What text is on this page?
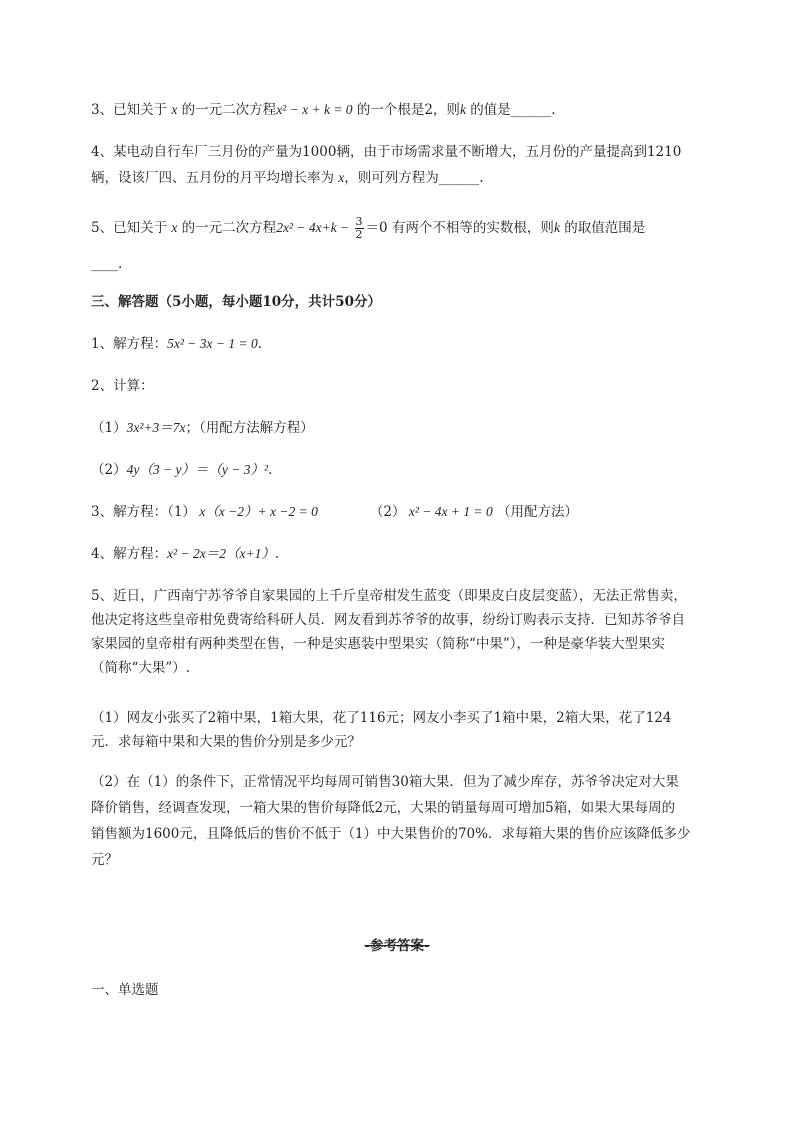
3、已知关于 x 的一元二次方程x² − x + k = 0 的一个根是2，则k 的值是______.
4、某电动自行车厂三月份的产量为1000辆，由于市场需求量不断增大，五月份的产量提高到1210
辆，设该厂四、五月份的月平均增长率为 x，则可列方程为______.
5、已知关于 x 的一元二次方程$2x^2 - 4x+k - \frac{3}{2} =0$ 有两个不相等的实数根，则k 的取值范围是
____.
三、解答题（5小题，每小题10分，共计50分）
1、解方程：5x² − 3x − 1 = 0.
2、计算：
（1）3x²+3＝7x；（用配方法解方程）
（2）4y（3 − y）＝（y − 3）².
3、解方程：（1） x（x −2）+ x −2 = 0	（2） x² − 4x + 1 = 0 （用配方法）
4、解方程：x² − 2x＝2（x+1）.
5、近日，广西南宁苏爷爷自家果园的上千斤皇帝柑发生蓝变（即果皮白皮层变蓝），无法正常售卖，
他决定将这些皇帝柑免费寄给科研人员．网友看到苏爷爷的故事，纷纷订购表示支持．已知苏爷爷自
家果园的皇帝柑有两种类型在售，一种是实惠装中型果实（简称“中果”），一种是豪华装大型果实
（简称“大果”）.
（1）网友小张买了2箱中果，1箱大果，花了116元；网友小李买了1箱中果，2箱大果，花了124
元．求每箱中果和大果的售价分别是多少元？
（2）在（1）的条件下，正常情况平均每周可销售30箱大果．但为了减少库存，苏爷爷决定对大果
降价销售，经调查发现，一箱大果的售价每降低2元，大果的销量每周可增加5箱，如果大果每周的
销售额为1600元，且降低后的售价不低于（1）中大果售价的70%．求每箱大果的售价应该降低多少
元？
-参考答案-
一、单选题
